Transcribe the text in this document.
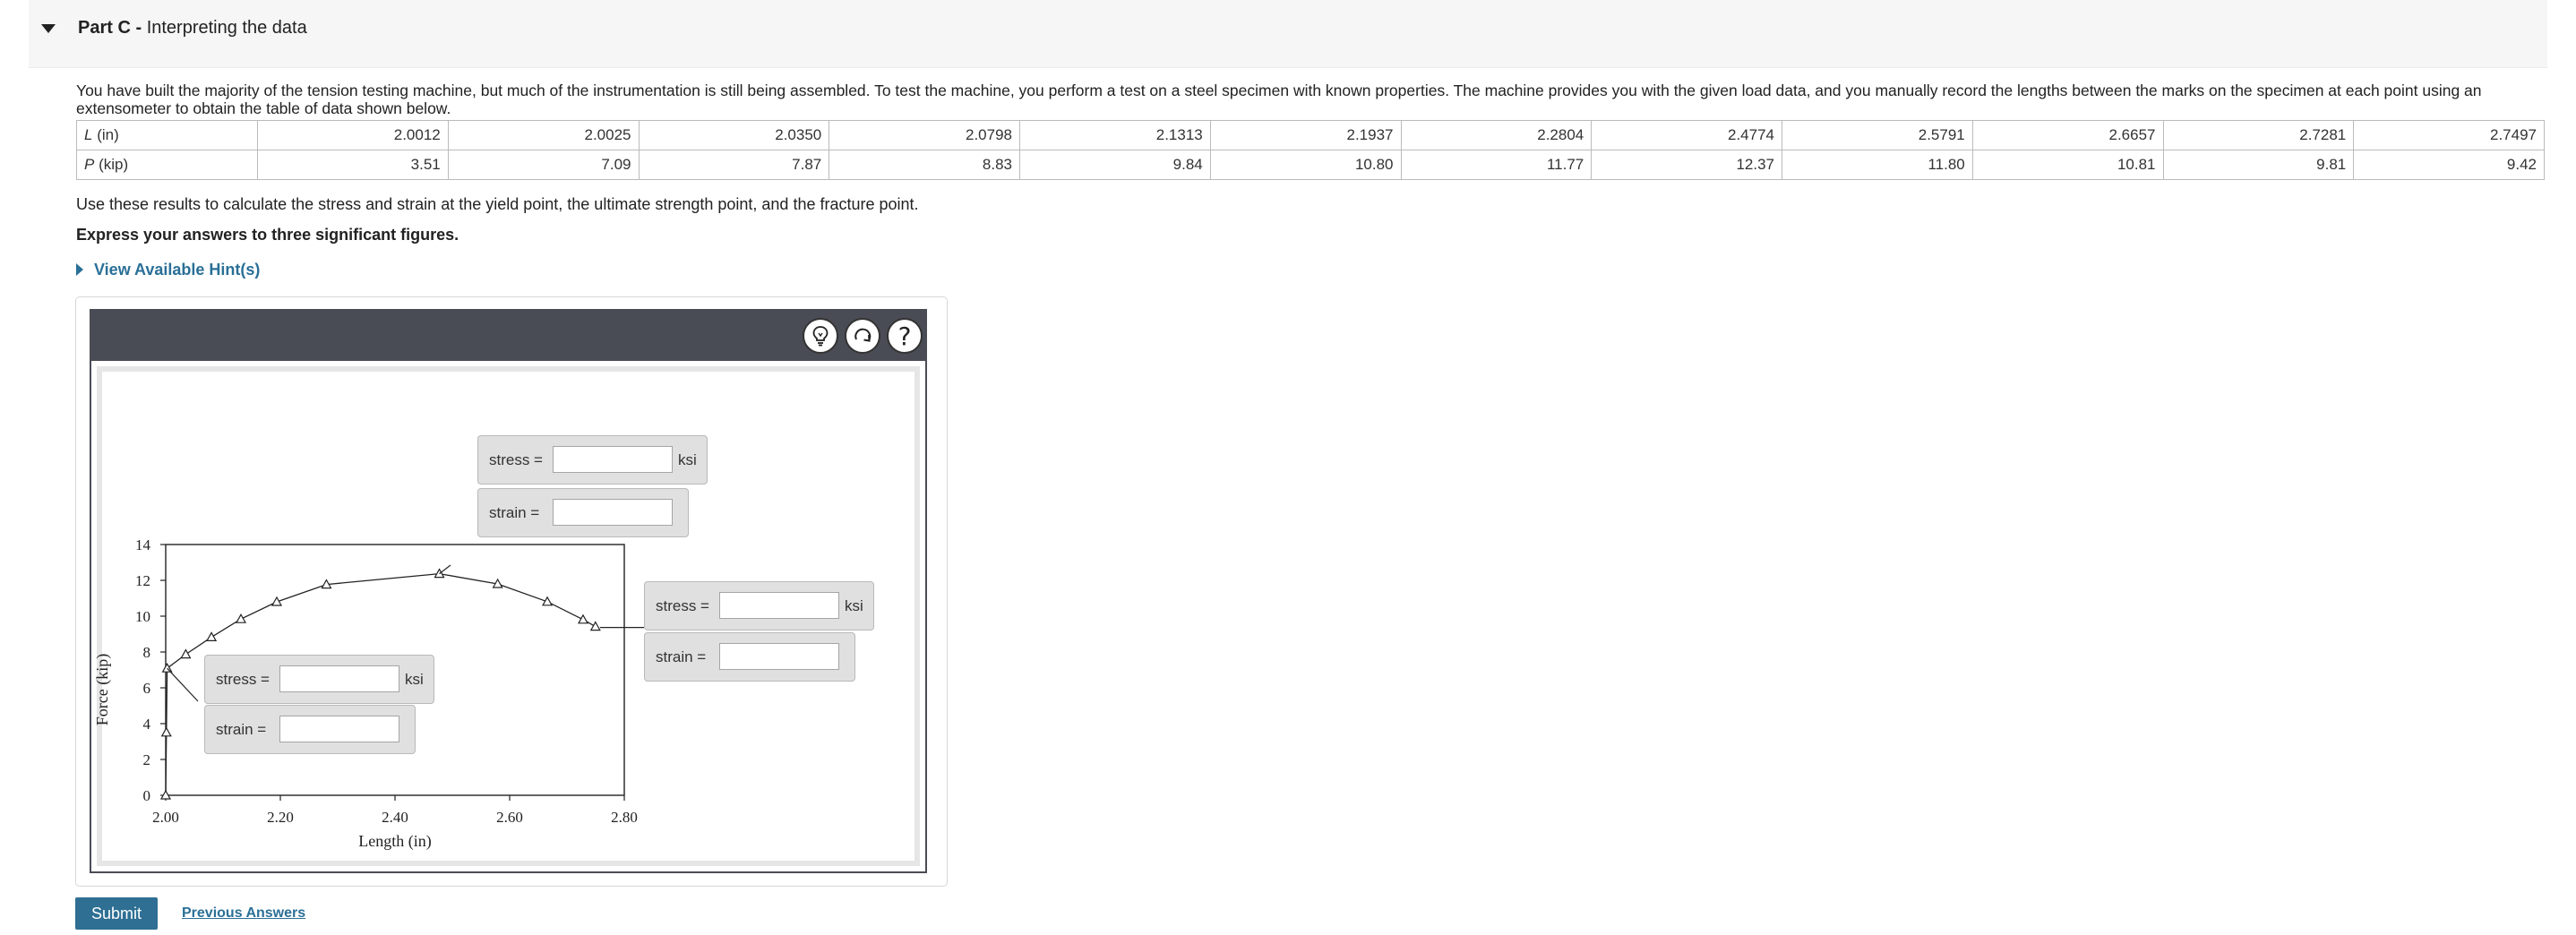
Part C - Interpreting the data
You have built the majority of the tension testing machine, but much of the instrumentation is still being assembled. To test the machine, you perform a test on a steel specimen with known properties. The machine provides you with the given load data, and you manually record the lengths between the marks on the specimen at each point using an extensometer to obtain the table of data shown below.
L (in)	2.0012	2.0025	2.0350	2.0798	2.1313	2.1937	2.2804	2.4774	2.5791	2.6657	2.7281	2.7497
P (kip)	3.51	7.09	7.87	8.83	9.84	10.80	11.77	12.37	11.80	10.81	9.81	9.42
Use these results to calculate the stress and strain at the yield point, the ultimate strength point, and the fracture point.
Express your answers to three significant figures.
View Available Hint(s)
?
2.00	2.20	2.40	2.60	2.80
0
2
4
6
8
10
12
14
Length (in)
Force (kip)
stress =	ksi
strain =
stress =	ksi
strain =
stress =	ksi
strain =
Submit	Previous Answers
